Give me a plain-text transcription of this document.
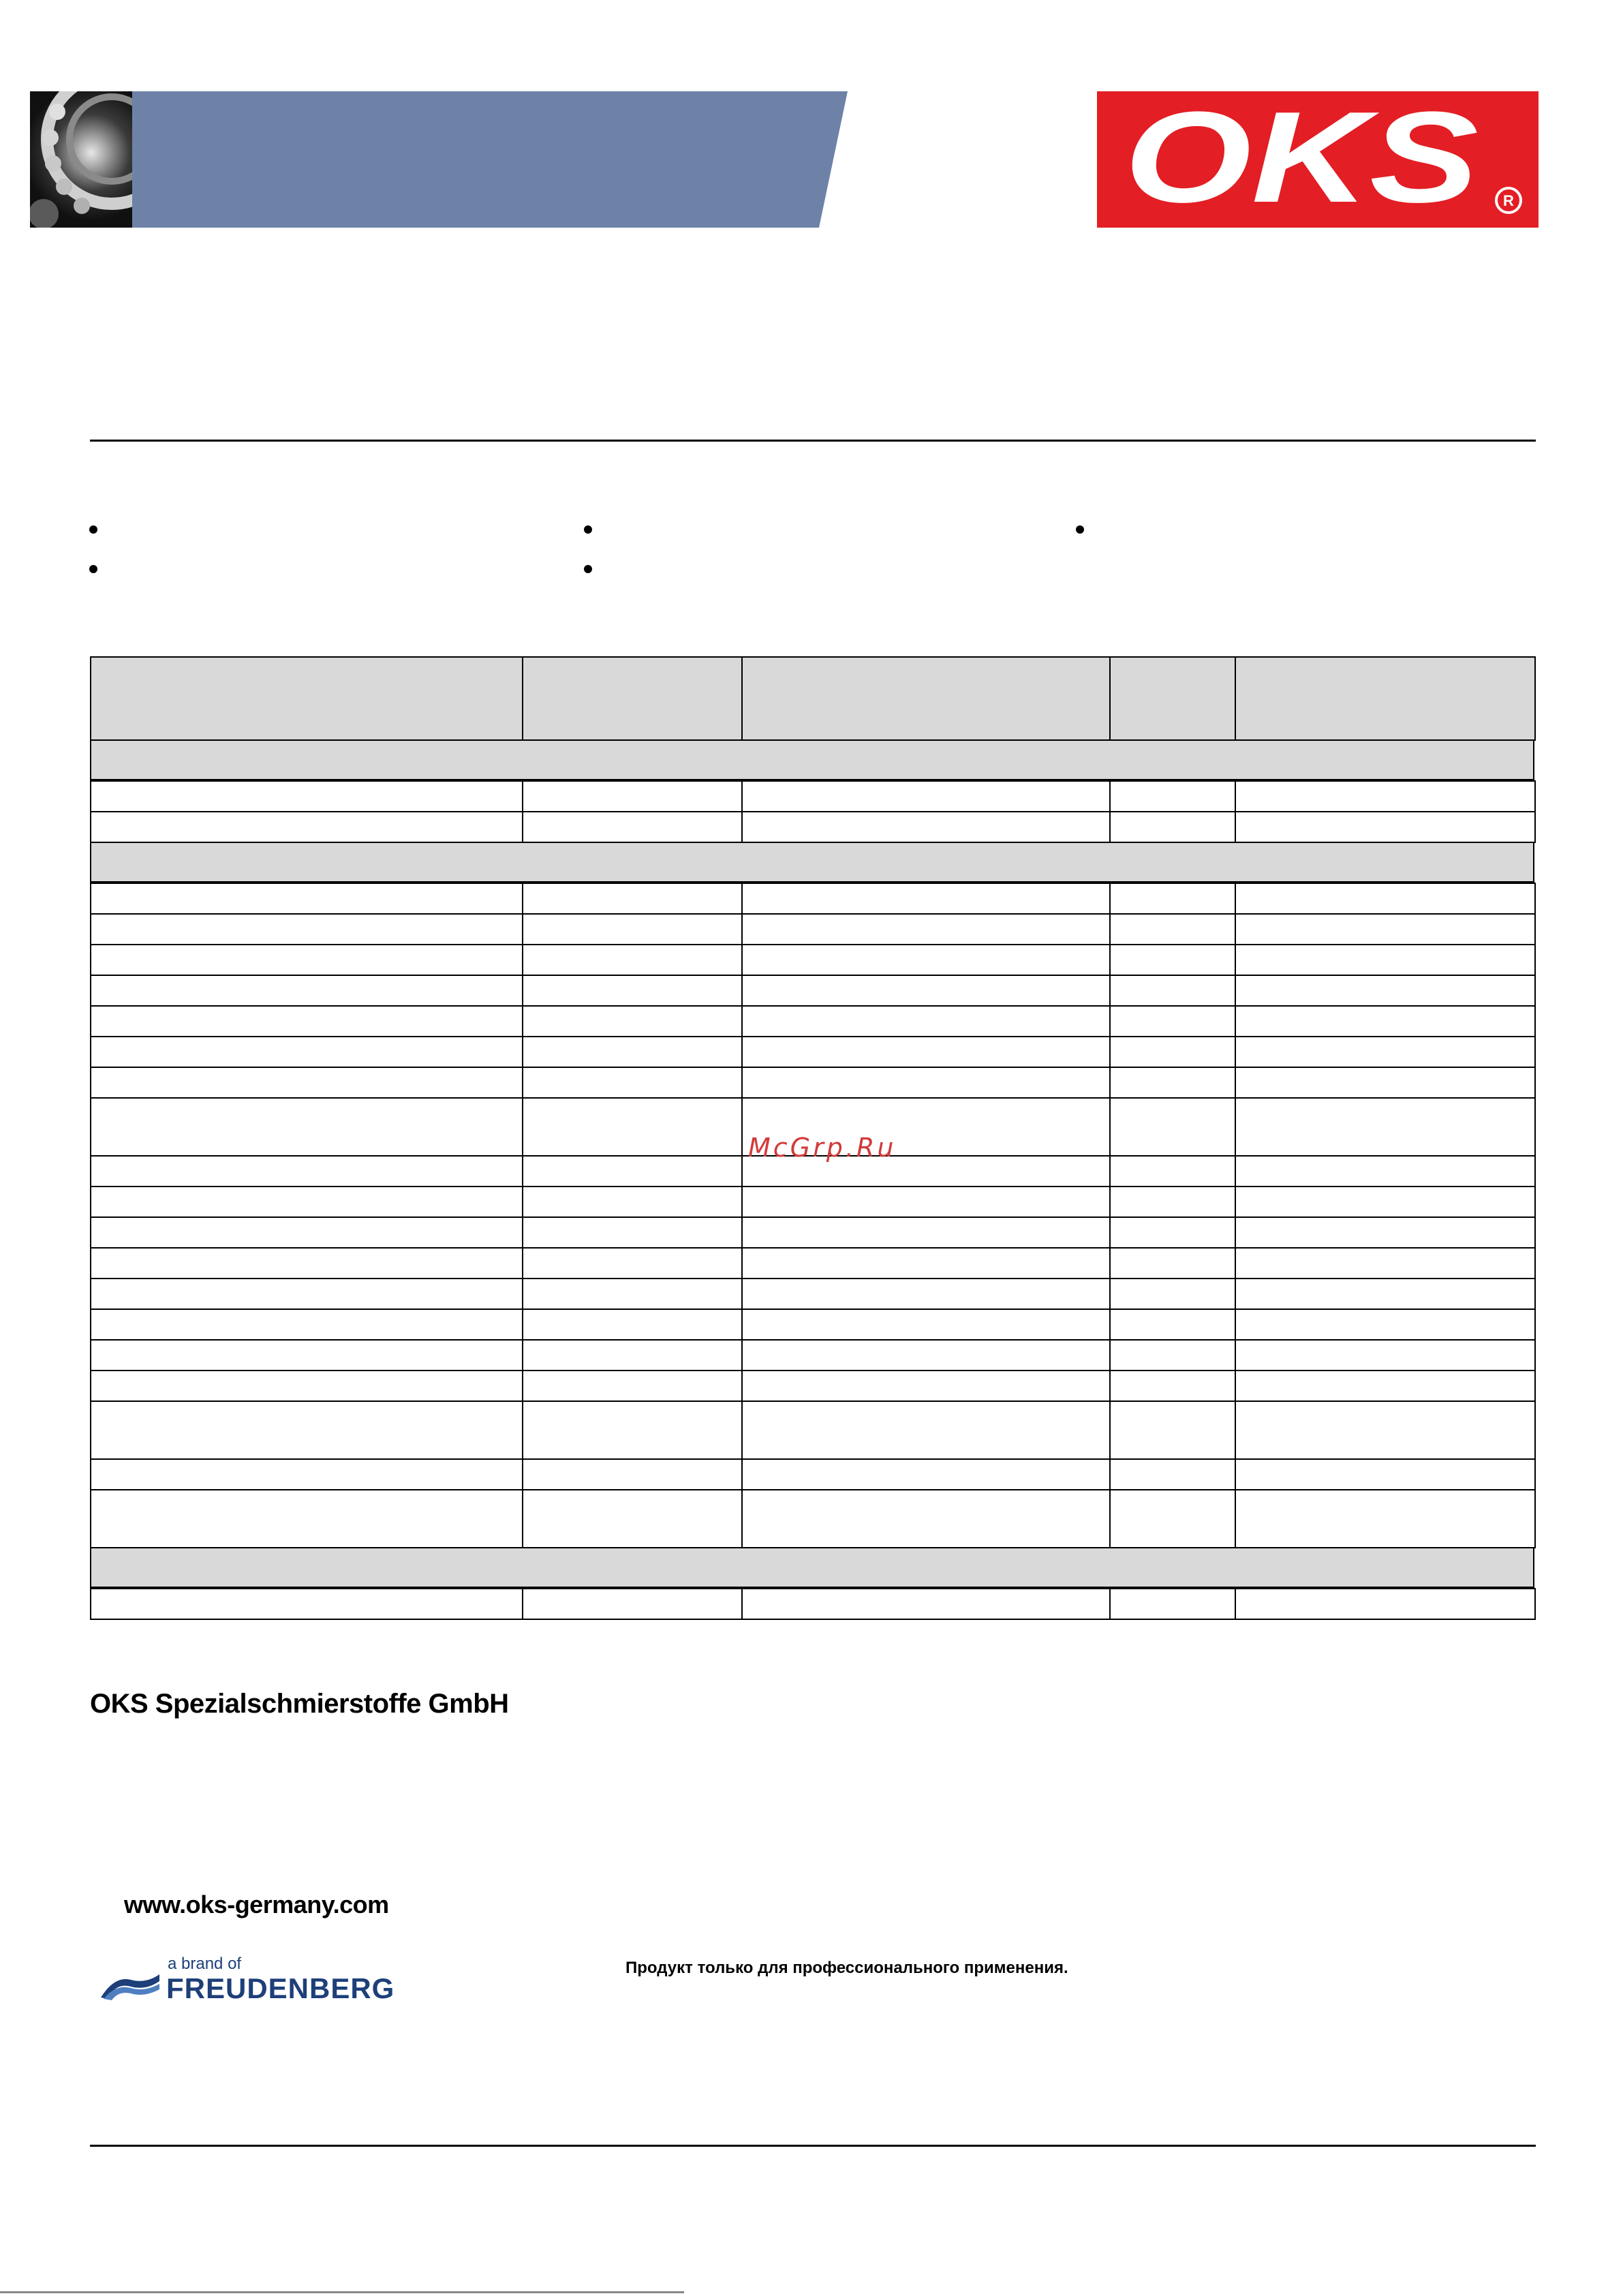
OKS R
McGrp.Ru
OKS Spezialschmierstoffe GmbH
www.oks-germany.com
a brand of
FREUDENBERG
Продукт только для профессионального применения.
